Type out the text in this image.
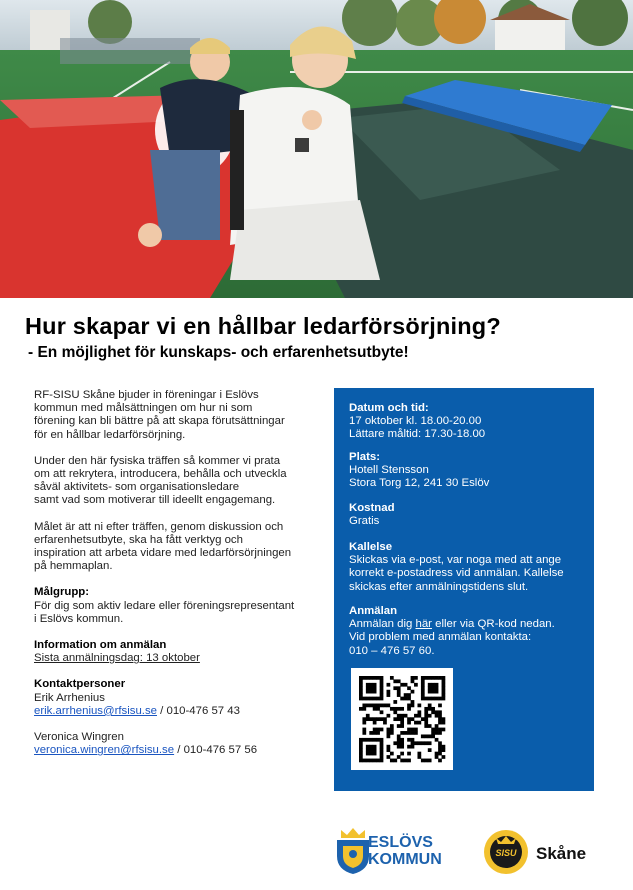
Hur skapar vi en hållbar ledarförsörjning?
- En möjlighet för kunskaps- och erfarenhetsutbyte!

RF-SISU Skåne bjuder in föreningar i Eslövs kommun med målsättningen om hur ni som förening kan bli bättre på att skapa förutsättningar för en hållbar ledarförsörjning.

Under den här fysiska träffen så kommer vi prata om att rekrytera, introducera, behålla och utveckla såväl aktivitets- som organisationsledare
samt vad som motiverar till ideellt engagemang.

Målet är att ni efter träffen, genom diskussion och erfarenhetsutbyte, ska ha fått verktyg och inspiration att arbeta vidare med ledarförsörjningen på hemmaplan.

Målgrupp:
För dig som aktiv ledare eller föreningsrepresentant i Eslövs kommun.

Information om anmälan
Sista anmälningsdag: 13 oktober

Kontaktpersoner
Erik Arrhenius
erik.arrhenius@rfsisu.se / 010-476 57 43

Veronica Wingren
veronica.wingren@rfsisu.se / 010-476 57 56

Datum och tid:
17 oktober kl. 18.00-20.00
Lättare måltid: 17.30-18.00
Plats:
Hotell Stensson
Stora Torg 12, 241 30 Eslöv
Kostnad
Gratis
Kallelse
Skickas via e-post, var noga med att ange korrekt e-postadress vid anmälan. Kallelse skickas efter anmälningstidens slut.
Anmälan
Anmälan dig här eller via QR-kod nedan.
Vid problem med anmälan kontakta:
010 – 476 57 60.
ESLÖVS
KOMMUN	SISU	Skåne
